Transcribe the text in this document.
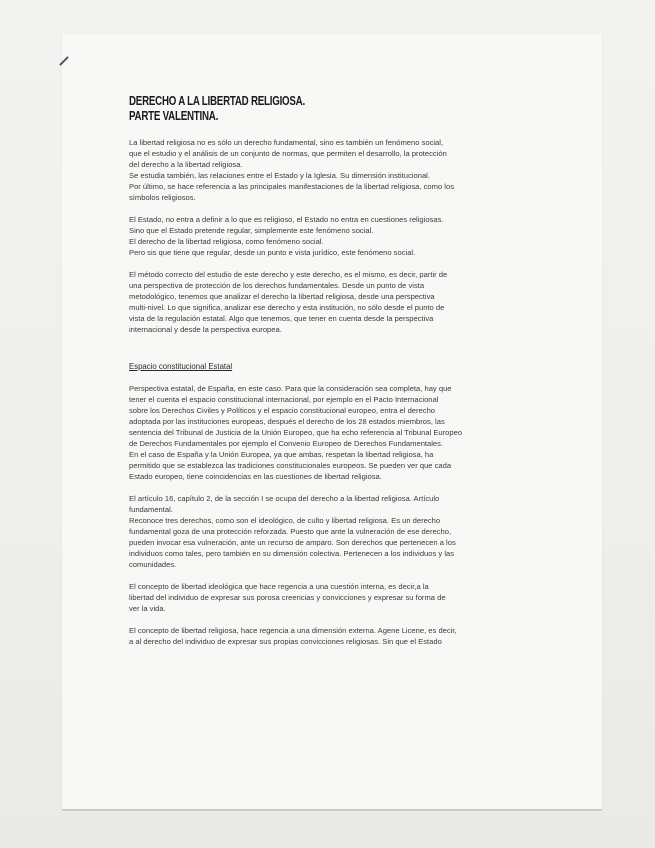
DERECHO A LA LIBERTAD RELIGIOSA.
PARTE VALENTINA.
La libertad religiosa no es sólo un derecho fundamental, sino es también un fenómeno social,
que el estudio y el análisis de un conjunto de normas, que permiten el desarrollo, la protección
del derecho a la libertad religiosa.
Se estudia también, las relaciones entre el Estado y la Iglesia. Su dimensión institucional.
Por último, se hace referencia a las principales manifestaciones de la libertad religiosa, como los
símbolos religiosos.
El Estado, no entra a definir a lo que es religioso, el Estado no entra en cuestiones religiosas.
Sino que el Estado pretende regular, simplemente este fenómeno social.
El derecho de la libertad religiosa, como fenómeno social.
Pero sis que tiene que regular, desde un punto e vista jurídico, este fenómeno social.
El método correcto del estudio de este derecho y este derecho, es el mismo, es decir, partir de
una perspectiva de protección de los derechos fundamentales. Desde un punto de vista
metodológico, tenemos que analizar el derecho la libertad religiosa, desde una perspectiva
multi-nivel. Lo que significa, analizar ese derecho y esta institución, no sólo desde el punto de
vista de la regulación estatal. Algo que tenemos, que tener en cuenta desde la perspectiva
internacional y desde la perspectiva europea.
Espacio constitucional Estatal
Perspectiva estatal, de España, en este caso. Para que la consideración sea completa, hay que
tener el cuenta el espacio constitucional internacional, por ejemplo en el Pacto Internacional
sobre los Derechos Civiles y Políticos y el espacio constitucional europeo, entra el derecho
adoptada por las instituciones europeas, después el derecho de los 28 estados miembros, las
sentencia del Tribunal de Justicia de la Unión Europeo, que ha echo referencia al Tribunal Europeo
de Derechos Fundamentales por ejemplo el Convenio Europeo de Derechos Fundamentales.
En el caso de España y la Unión Europea, ya que ambas, respetan la libertad religiosa, ha
permitido que se establezca las tradiciones constitucionales europeos. Se pueden ver que cada
Estado europeo, tiene coincidencias en las cuestiones de libertad religiosa.
El artículo 16, capítulo 2, de la sección I se ocupa del derecho a la libertad religiosa. Artículo
fundamental.
Reconoce tres derechos, como son el ideológico, de culto y libertad religiosa. Es un derecho
fundamental goza de una protección reforzada. Puesto que ante la vulneración de ese derecho,
pueden invocar esa vulneración, ante un recurso de amparo. Son derechos que pertenecen a los
individuos como tales, pero también en su dimensión colectiva. Pertenecen a los individuos y las
comunidades.
El concepto de libertad ideológica que hace regencia a una cuestión interna, es decir,a la
libertad del individuo de expresar sus porosa creencias y convicciones y expresar su forma de
ver la vida.
El concepto de libertad religiosa, hace regencia a una dimensión externa. Agene Licene, es decir,
a al derecho del individuo de expresar sus propias convicciones religiosas. Sin que el Estado
